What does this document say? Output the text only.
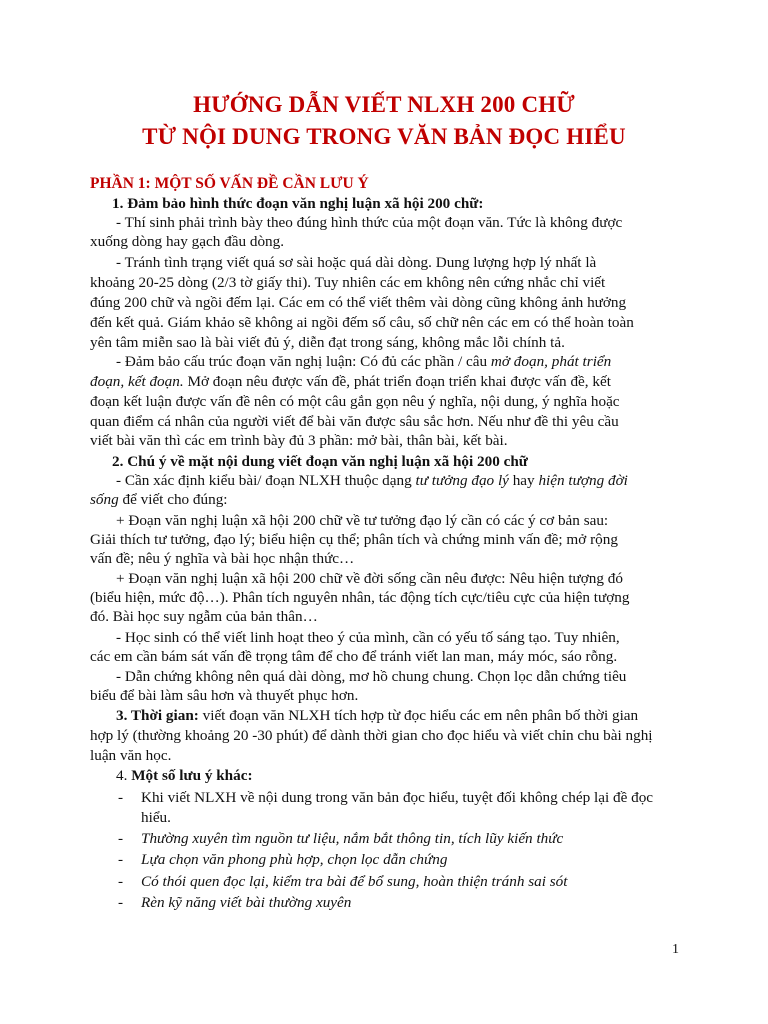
HƯỚNG DẪN VIẾT NLXH 200 CHỮ
TỪ NỘI DUNG TRONG VĂN BẢN ĐỌC HIỂU
PHẦN 1: MỘT SỐ VẤN ĐỀ CẦN LƯU Ý
1. Đảm bảo hình thức đoạn văn nghị luận xã hội 200 chữ:
- Thí sinh phải trình bày theo đúng hình thức của một đoạn văn. Tức là không được
xuống dòng hay gạch đầu dòng.
- Tránh tình trạng viết quá sơ sài hoặc quá dài dòng. Dung lượng hợp lý nhất là
khoảng 20-25 dòng (2/3 tờ giấy thi). Tuy nhiên các em không nên cứng nhắc chỉ viết
đúng 200 chữ và ngồi đếm lại. Các em có thể viết thêm vài dòng cũng không ảnh hưởng
đến kết quả. Giám khảo sẽ không ai ngồi đếm số câu, số chữ nên các em có thể hoàn toàn
yên tâm miễn sao là bài viết đủ ý, diễn đạt trong sáng, không mắc lỗi chính tả.
- Đảm bảo cấu trúc đoạn văn nghị luận: Có đủ các phần / câu mở đoạn, phát triển
đoạn, kết đoạn. Mở đoạn nêu được vấn đề, phát triển đoạn triển khai được vấn đề, kết
đoạn kết luận được vấn đề nên có một câu gắn gọn nêu ý nghĩa, nội dung, ý nghĩa hoặc
quan điểm cá nhân của người viết để bài văn được sâu sắc hơn. Nếu như đề thi yêu cầu
viết bài văn thì các em trình bày đủ 3 phần: mở bài, thân bài, kết bài.
2. Chú ý về mặt nội dung viết đoạn văn nghị luận xã hội 200 chữ
- Cần xác định kiểu bài/ đoạn NLXH thuộc dạng tư tưởng đạo lý hay hiện tượng đời
sống để viết cho đúng:
+ Đoạn văn nghị luận xã hội 200 chữ về tư tưởng đạo lý cần có các ý cơ bản sau:
Giải thích tư tưởng, đạo lý; biểu hiện cụ thể; phân tích và chứng minh vấn đề; mở rộng
vấn đề; nêu ý nghĩa và bài học nhận thức…
+ Đoạn văn nghị luận xã hội 200 chữ về đời sống cần nêu được: Nêu hiện tượng đó
(biểu hiện, mức độ…). Phân tích nguyên nhân, tác động tích cực/tiêu cực của hiện tượng
đó. Bài học suy ngẫm của bản thân…
- Học sinh có thể viết linh hoạt theo ý của mình, cần có yếu tố sáng tạo. Tuy nhiên,
các em cần bám sát vấn đề trọng tâm để cho để tránh viết lan man, máy móc, sáo rỗng.
- Dẫn chứng không nên quá dài dòng, mơ hồ chung chung. Chọn lọc dẫn chứng tiêu
biểu để bài làm sâu hơn và thuyết phục hơn.
3. Thời gian: viết đoạn văn NLXH tích hợp từ đọc hiểu các em nên phân bố thời gian
hợp lý (thường khoảng 20 -30 phút) để dành thời gian cho đọc hiểu và viết chỉn chu bài nghị
luận văn học.
4. Một số lưu ý khác:
- Khi viết NLXH về nội dung trong văn bản đọc hiểu, tuyệt đối không chép lại đề đọc
hiểu.
- Thường xuyên tìm nguồn tư liệu, nắm bắt thông tin, tích lũy kiến thức
- Lựa chọn văn phong phù hợp, chọn lọc dẫn chứng
- Có thói quen đọc lại, kiểm tra bài để bổ sung, hoàn thiện tránh sai sót
- Rèn kỹ năng viết bài thường xuyên
1
